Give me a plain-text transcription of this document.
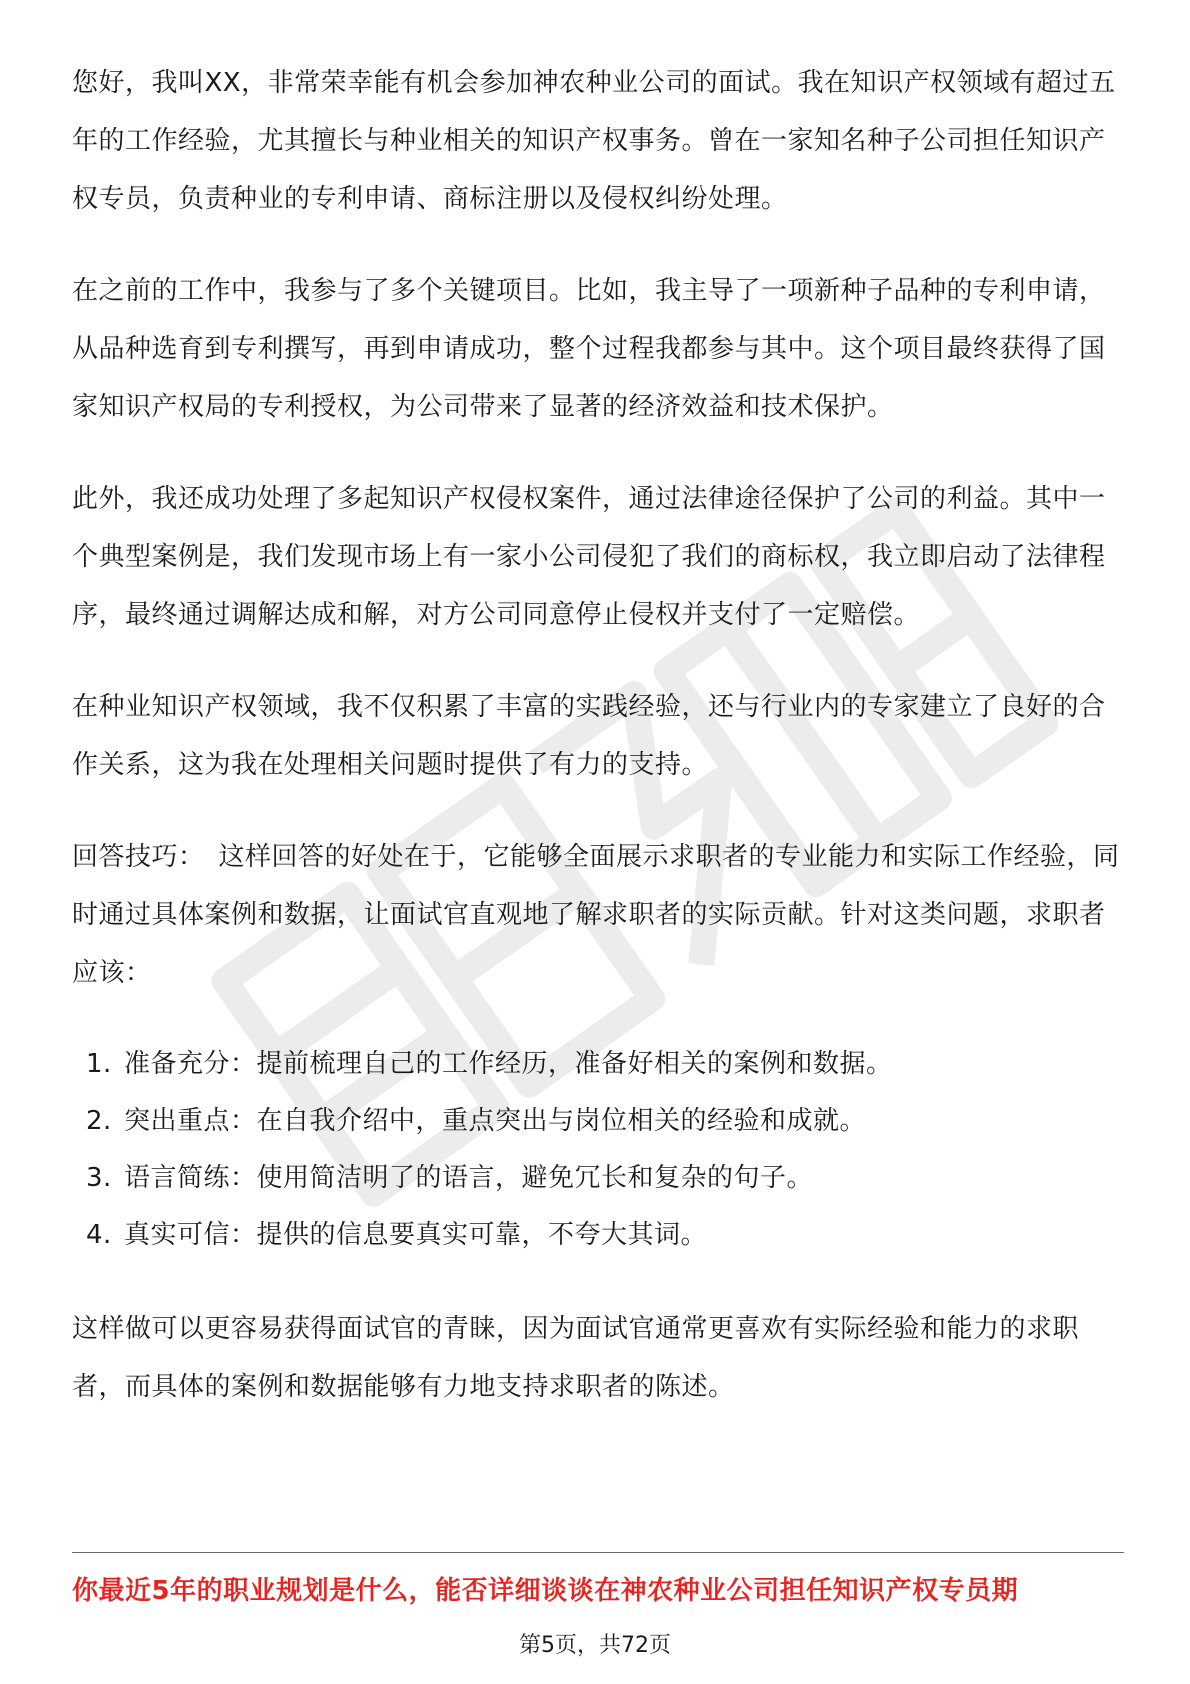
您好，我叫XX，非常荣幸能有机会参加神农种业公司的面试。我在知识产权领域有超过五年的工作经验，尤其擅长与种业相关的知识产权事务。曾在一家知名种子公司担任知识产权专员，负责种业的专利申请、商标注册以及侵权纠纷处理。

在之前的工作中，我参与了多个关键项目。比如，我主导了一项新种子品种的专利申请，从品种选育到专利撰写，再到申请成功，整个过程我都参与其中。这个项目最终获得了国家知识产权局的专利授权，为公司带来了显著的经济效益和技术保护。

此外，我还成功处理了多起知识产权侵权案件，通过法律途径保护了公司的利益。其中一个典型案例是，我们发现市场上有一家小公司侵犯了我们的商标权，我立即启动了法律程序，最终通过调解达成和解，对方公司同意停止侵权并支付了一定赔偿。

在种业知识产权领域，我不仅积累了丰富的实践经验，还与行业内的专家建立了良好的合作关系，这为我在处理相关问题时提供了有力的支持。

回答技巧： 这样回答的好处在于，它能够全面展示求职者的专业能力和实际工作经验，同时通过具体案例和数据，让面试官直观地了解求职者的实际贡献。针对这类问题，求职者应该：

1. 准备充分：提前梳理自己的工作经历，准备好相关的案例和数据。
2. 突出重点：在自我介绍中，重点突出与岗位相关的经验和成就。
3. 语言简练：使用简洁明了的语言，避免冗长和复杂的句子。
4. 真实可信：提供的信息要真实可靠，不夸大其词。

这样做可以更容易获得面试官的青睐，因为面试官通常更喜欢有实际经验和能力的求职者，而具体的案例和数据能够有力地支持求职者的陈述。

你最近5年的职业规划是什么，能否详细谈谈在神农种业公司担任知识产权专员期
第5页，共72页
